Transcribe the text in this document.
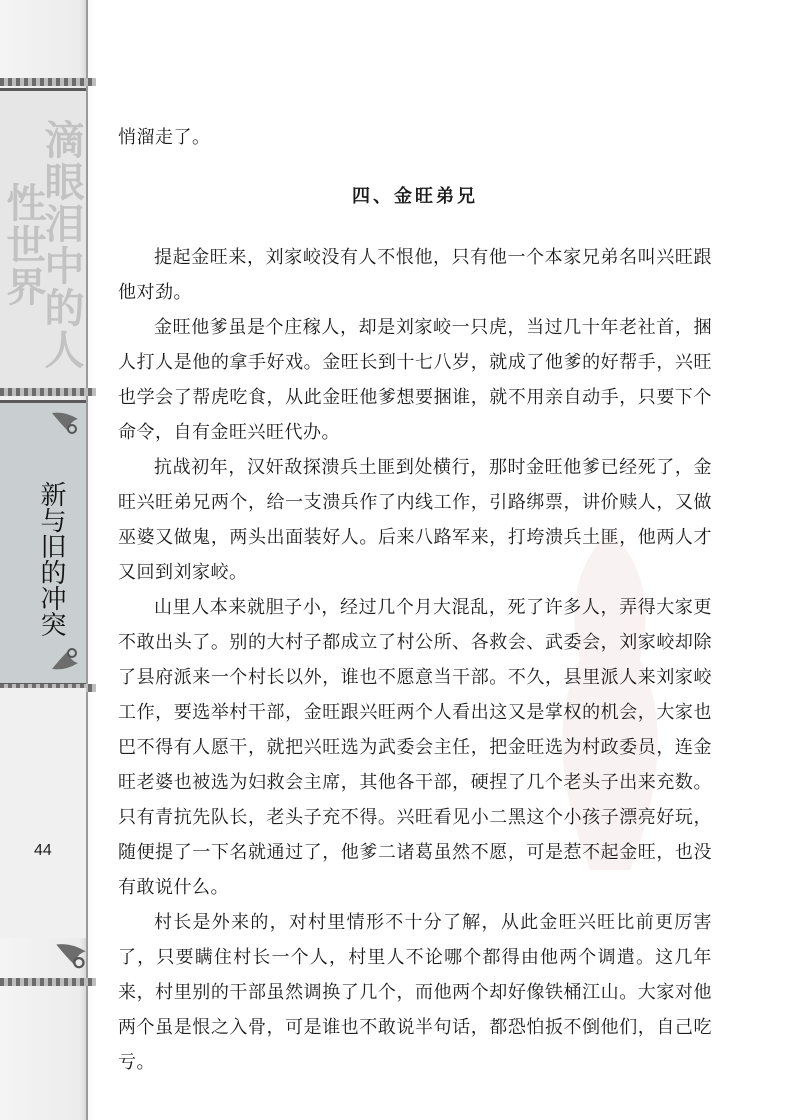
滴眼泪中的人性世界
新与旧的冲突
44

悄溜走了。

四、金旺弟兄

提起金旺来，刘家峧没有人不恨他，只有他一个本家兄弟名叫兴旺跟他对劲。

金旺他爹虽是个庄稼人，却是刘家峧一只虎，当过几十年老社首，捆人打人是他的拿手好戏。金旺长到十七八岁，就成了他爹的好帮手，兴旺也学会了帮虎吃食，从此金旺他爹想要捆谁，就不用亲自动手，只要下个命令，自有金旺兴旺代办。

抗战初年，汉奸敌探溃兵土匪到处横行，那时金旺他爹已经死了，金旺兴旺弟兄两个，给一支溃兵作了内线工作，引路绑票，讲价赎人，又做巫婆又做鬼，两头出面装好人。后来八路军来，打垮溃兵土匪，他两人才又回到刘家峧。

山里人本来就胆子小，经过几个月大混乱，死了许多人，弄得大家更不敢出头了。别的大村子都成立了村公所、各救会、武委会，刘家峧却除了县府派来一个村长以外，谁也不愿意当干部。不久，县里派人来刘家峧工作，要选举村干部，金旺跟兴旺两个人看出这又是掌权的机会，大家也巴不得有人愿干，就把兴旺选为武委会主任，把金旺选为村政委员，连金旺老婆也被选为妇救会主席，其他各干部，硬捏了几个老头子出来充数。只有青抗先队长，老头子充不得。兴旺看见小二黑这个小孩子漂亮好玩，随便提了一下名就通过了，他爹二诸葛虽然不愿，可是惹不起金旺，也没有敢说什么。

村长是外来的，对村里情形不十分了解，从此金旺兴旺比前更厉害了，只要瞒住村长一个人，村里人不论哪个都得由他两个调遣。这几年来，村里别的干部虽然调换了几个，而他两个却好像铁桶江山。大家对他两个虽是恨之入骨，可是谁也不敢说半句话，都恐怕扳不倒他们，自己吃亏。
